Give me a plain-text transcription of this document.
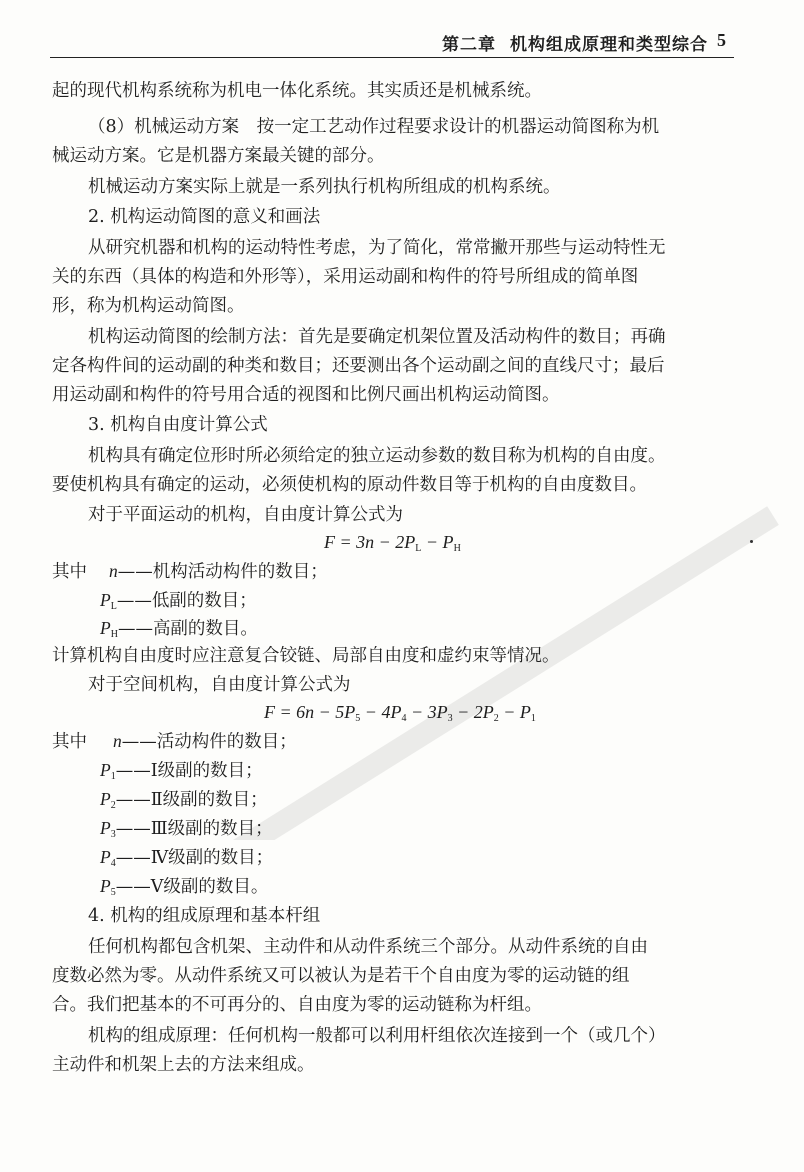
第二章 机构组成原理和类型综合 5
起的现代机构系统称为机电一体化系统。其实质还是机械系统。
（8）机械运动方案　按一定工艺动作过程要求设计的机器运动简图称为机
械运动方案。它是机器方案最关键的部分。
机械运动方案实际上就是一系列执行机构所组成的机构系统。
2. 机构运动简图的意义和画法
从研究机器和机构的运动特性考虑，为了简化，常常撇开那些与运动特性无
关的东西（具体的构造和外形等），采用运动副和构件的符号所组成的简单图
形，称为机构运动简图。
机构运动简图的绘制方法：首先是要确定机架位置及活动构件的数目；再确
定各构件间的运动副的种类和数目；还要测出各个运动副之间的直线尺寸；最后
用运动副和构件的符号用合适的视图和比例尺画出机构运动简图。
3. 机构自由度计算公式
机构具有确定位形时所必须给定的独立运动参数的数目称为机构的自由度。
要使机构具有确定的运动，必须使机构的原动件数目等于机构的自由度数目。
对于平面运动的机构，自由度计算公式为
$F = 3n - 2P_L - P_H$
其中 n——机构活动构件的数目；
$P_L——$低副的数目；
$P_H——$高副的数目。
计算机构自由度时应注意复合铰链、局部自由度和虚约束等情况。
对于空间机构，自由度计算公式为
$F = 6n - 5P_5 - 4P_4 - 3P_3 - 2P_2 - P_1$
其中 n——活动构件的数目；
$P_1——Ⅰ$级副的数目；
$P_2——Ⅱ$级副的数目；
$P_3——Ⅲ$级副的数目；
$P_4——Ⅳ$级副的数目；
$P_5——Ⅴ$级副的数目。
4. 机构的组成原理和基本杆组
任何机构都包含机架、主动件和从动件系统三个部分。从动件系统的自由
度数必然为零。从动件系统又可以被认为是若干个自由度为零的运动链的组
合。我们把基本的不可再分的、自由度为零的运动链称为杆组。
机构的组成原理：任何机构一般都可以利用杆组依次连接到一个（或几个）
主动件和机架上去的方法来组成。
